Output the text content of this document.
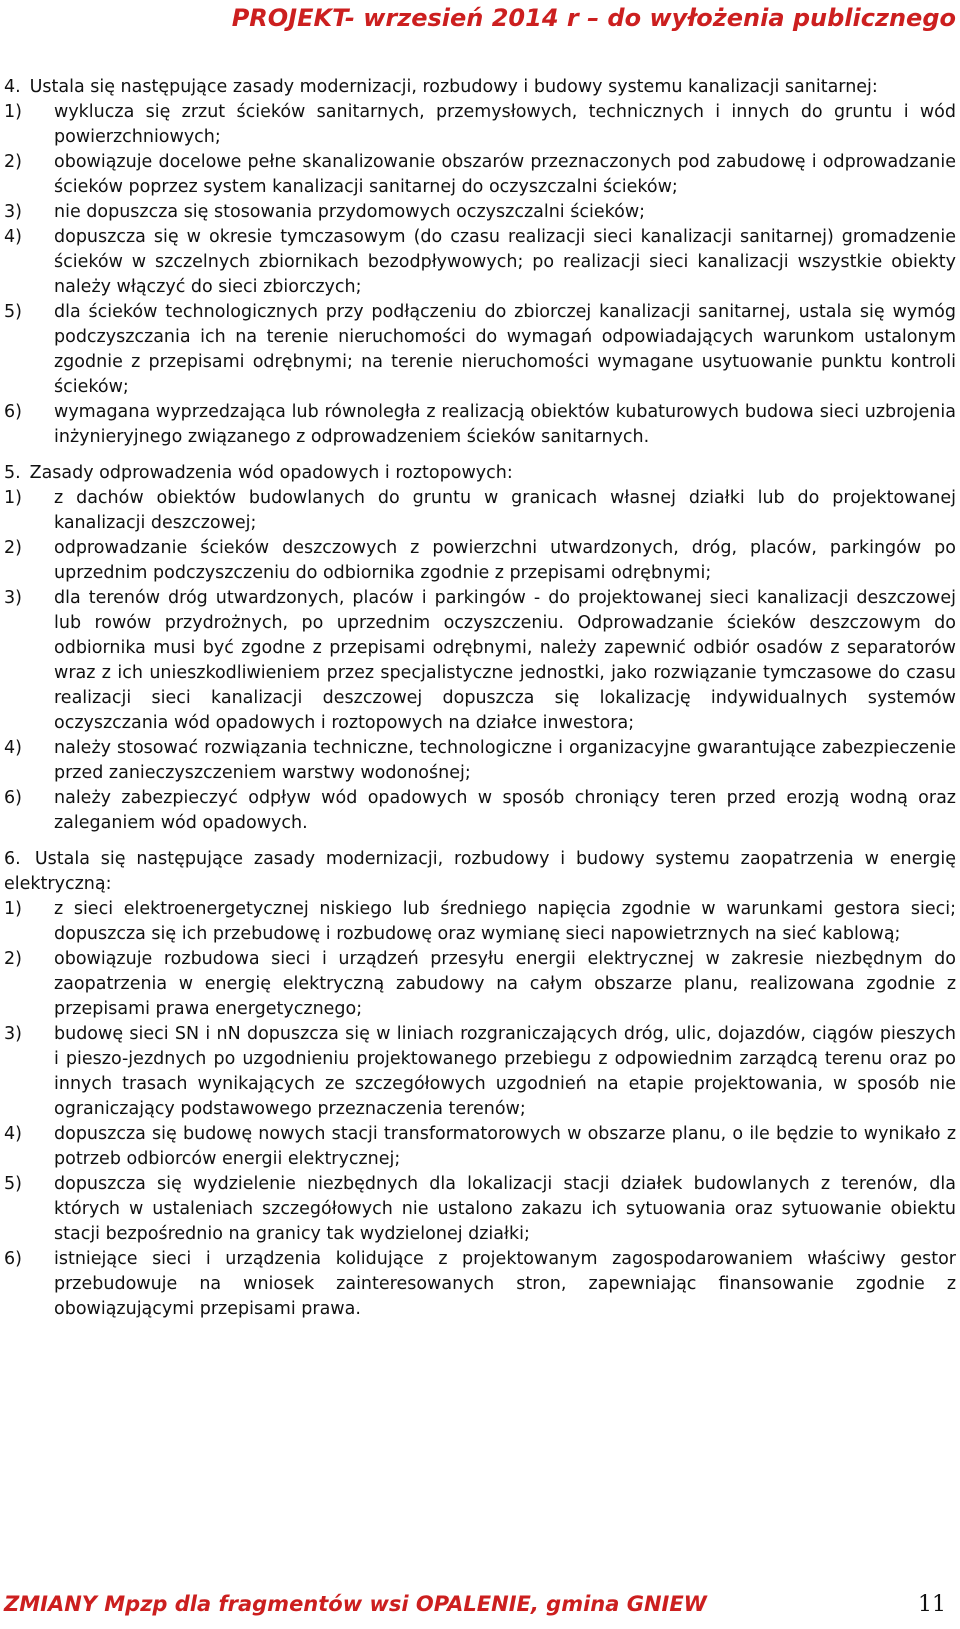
PROJEKT- wrzesień 2014 r – do wyłożenia publicznego

4. Ustala się następujące zasady modernizacji, rozbudowy i budowy systemu kanalizacji sanitarnej:

1) wyklucza się zrzut ścieków sanitarnych, przemysłowych, technicznych i innych do gruntu i wód powierzchniowych;

2) obowiązuje docelowe pełne skanalizowanie obszarów przeznaczonych pod zabudowę i odprowadzanie ścieków poprzez system kanalizacji sanitarnej do oczyszczalni ścieków;

3) nie dopuszcza się stosowania przydomowych oczyszczalni ścieków;

4) dopuszcza się w okresie tymczasowym (do czasu realizacji sieci kanalizacji sanitarnej) gromadzenie ścieków w szczelnych zbiornikach bezodpływowych; po realizacji sieci kanalizacji wszystkie obiekty należy włączyć do sieci zbiorczych;

5) dla ścieków technologicznych przy podłączeniu do zbiorczej kanalizacji sanitarnej, ustala się wymóg podczyszczania ich na terenie nieruchomości do wymagań odpowiadających warunkom ustalonym zgodnie z przepisami odrębnymi; na terenie nieruchomości wymagane usytuowanie punktu kontroli ścieków;

6) wymagana wyprzedzająca lub równoległa z realizacją obiektów kubaturowych budowa sieci uzbrojenia inżynieryjnego związanego z odprowadzeniem ścieków sanitarnych.

5. Zasady odprowadzenia wód opadowych i roztopowych:

1) z dachów obiektów budowlanych do gruntu w granicach własnej działki lub do projektowanej kanalizacji deszczowej;

2) odprowadzanie ścieków deszczowych z powierzchni utwardzonych, dróg, placów, parkingów po uprzednim podczyszczeniu do odbiornika zgodnie z przepisami odrębnymi;

3) dla terenów dróg utwardzonych, placów i parkingów - do projektowanej sieci kanalizacji deszczowej lub rowów przydrożnych, po uprzednim oczyszczeniu. Odprowadzanie ścieków deszczowym do odbiornika musi być zgodne z przepisami odrębnymi, należy zapewnić odbiór osadów z separatorów wraz z ich unieszkodliwieniem przez specjalistyczne jednostki, jako rozwiązanie tymczasowe do czasu realizacji sieci kanalizacji deszczowej dopuszcza się lokalizację indywidualnych systemów oczyszczania wód opadowych i roztopowych na działce inwestora;

4) należy stosować rozwiązania techniczne, technologiczne i organizacyjne gwarantujące zabezpieczenie przed zanieczyszczeniem warstwy wodonośnej;

6) należy zabezpieczyć odpływ wód opadowych w sposób chroniący teren przed erozją wodną oraz zaleganiem wód opadowych.

6. Ustala się następujące zasady modernizacji, rozbudowy i budowy systemu zaopatrzenia w energię elektryczną:

1) z sieci elektroenergetycznej niskiego lub średniego napięcia zgodnie w warunkami gestora sieci; dopuszcza się ich przebudowę i rozbudowę oraz wymianę sieci napowietrznych na sieć kablową;

2) obowiązuje rozbudowa sieci i urządzeń przesyłu energii elektrycznej w zakresie niezbędnym do zaopatrzenia w energię elektryczną zabudowy na całym obszarze planu, realizowana zgodnie z przepisami prawa energetycznego;

3) budowę sieci SN i nN dopuszcza się w liniach rozgraniczających dróg, ulic, dojazdów, ciągów pieszych i pieszo-jezdnych po uzgodnieniu projektowanego przebiegu z odpowiednim zarządcą terenu oraz po innych trasach wynikających ze szczegółowych uzgodnień na etapie projektowania, w sposób nie ograniczający podstawowego przeznaczenia terenów;

4) dopuszcza się budowę nowych stacji transformatorowych w obszarze planu, o ile będzie to wynikało z potrzeb odbiorców energii elektrycznej;

5) dopuszcza się wydzielenie niezbędnych dla lokalizacji stacji działek budowlanych z terenów, dla których w ustaleniach szczegółowych nie ustalono zakazu ich sytuowania oraz sytuowanie obiektu stacji bezpośrednio na granicy tak wydzielonej działki;

6) istniejące sieci i urządzenia kolidujące z projektowanym zagospodarowaniem właściwy gestor przebudowuje na wniosek zainteresowanych stron, zapewniając finansowanie zgodnie z obowiązującymi przepisami prawa.

ZMIANY Mpzp dla fragmentów wsi OPALENIE, gmina GNIEW	11
